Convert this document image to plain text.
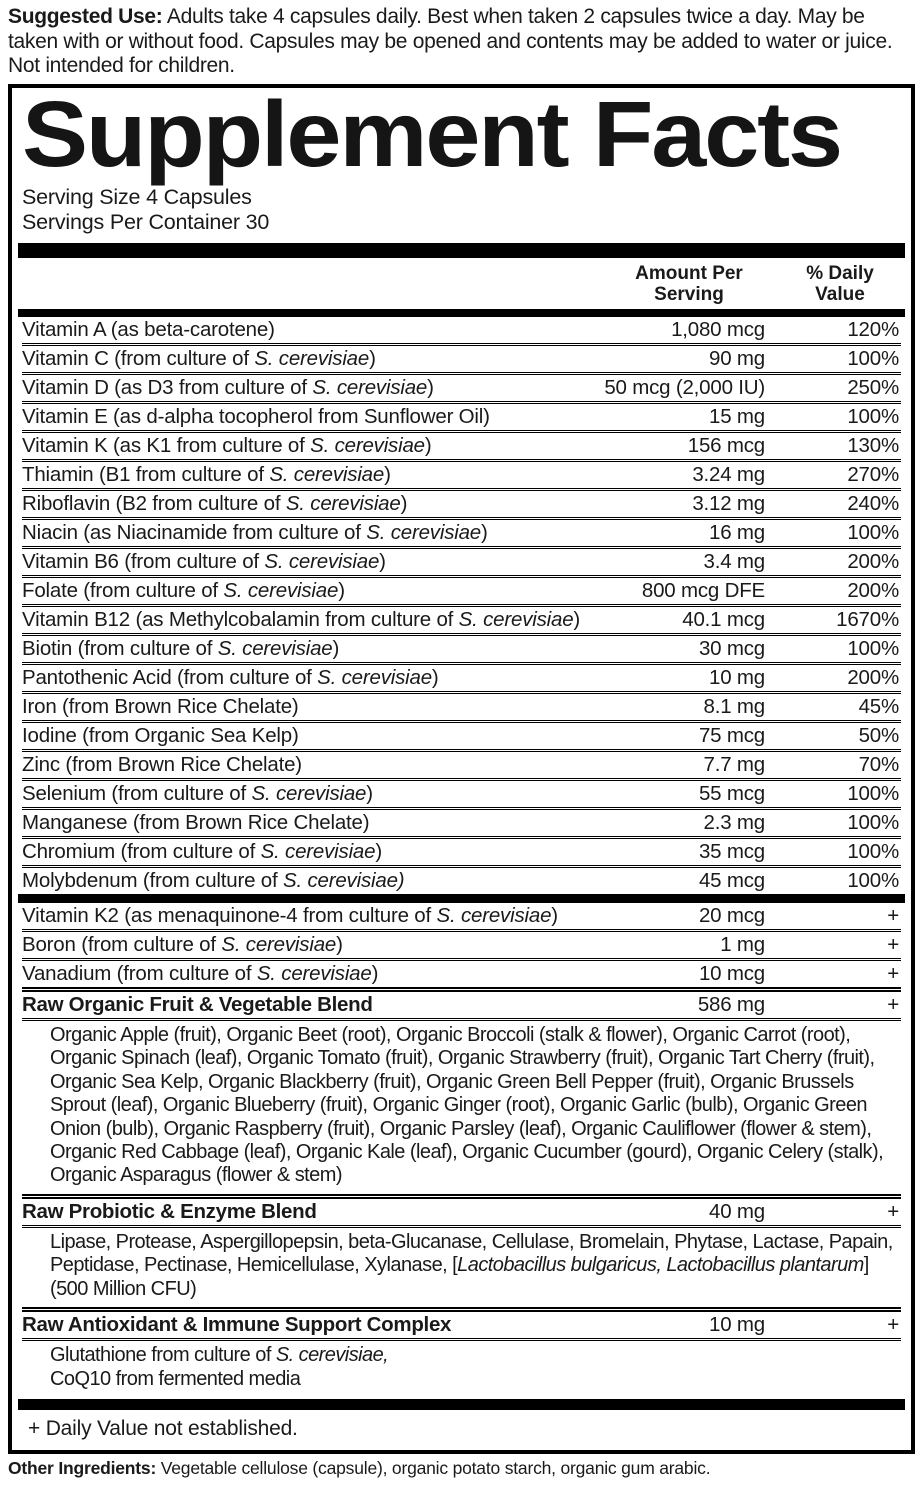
Suggested Use: Adults take 4 capsules daily. Best when taken 2 capsules twice a day. May be taken with or without food. Capsules may be opened and contents may be added to water or juice. Not intended for children.
Supplement Facts
Serving Size 4 Capsules
Servings Per Container 30
Amount Per Serving
% Daily Value
Vitamin A (as beta-carotene)	1,080 mcg	120%
Vitamin C (from culture of S. cerevisiae)	90 mg	100%
Vitamin D (as D3 from culture of S. cerevisiae)	50 mcg (2,000 IU)	250%
Vitamin E (as d-alpha tocopherol from Sunflower Oil)	15 mg	100%
Vitamin K (as K1 from culture of S. cerevisiae)	156 mcg	130%
Thiamin (B1 from culture of S. cerevisiae)	3.24 mg	270%
Riboflavin (B2 from culture of S. cerevisiae)	3.12 mg	240%
Niacin (as Niacinamide from culture of S. cerevisiae)	16 mg	100%
Vitamin B6 (from culture of S. cerevisiae)	3.4 mg	200%
Folate (from culture of S. cerevisiae)	800 mcg DFE	200%
Vitamin B12 (as Methylcobalamin from culture of S. cerevisiae)	40.1 mcg	1670%
Biotin (from culture of S. cerevisiae)	30 mcg	100%
Pantothenic Acid (from culture of S. cerevisiae)	10 mg	200%
Iron (from Brown Rice Chelate)	8.1 mg	45%
Iodine (from Organic Sea Kelp)	75 mcg	50%
Zinc (from Brown Rice Chelate)	7.7 mg	70%
Selenium (from culture of S. cerevisiae)	55 mcg	100%
Manganese (from Brown Rice Chelate)	2.3 mg	100%
Chromium (from culture of S. cerevisiae)	35 mcg	100%
Molybdenum (from culture of S. cerevisiae)	45 mcg	100%
Vitamin K2 (as menaquinone-4 from culture of S. cerevisiae)	20 mcg	+
Boron (from culture of S. cerevisiae)	1 mg	+
Vanadium (from culture of S. cerevisiae)	10 mcg	+
Raw Organic Fruit & Vegetable Blend	586 mg	+
Organic Apple (fruit), Organic Beet (root), Organic Broccoli (stalk & flower), Organic Carrot (root), Organic Spinach (leaf), Organic Tomato (fruit), Organic Strawberry (fruit), Organic Tart Cherry (fruit), Organic Sea Kelp, Organic Blackberry (fruit), Organic Green Bell Pepper (fruit), Organic Brussels Sprout (leaf), Organic Blueberry (fruit), Organic Ginger (root), Organic Garlic (bulb), Organic Green Onion (bulb), Organic Raspberry (fruit), Organic Parsley (leaf), Organic Cauliflower (flower & stem), Organic Red Cabbage (leaf), Organic Kale (leaf), Organic Cucumber (gourd), Organic Celery (stalk), Organic Asparagus (flower & stem)
Raw Probiotic & Enzyme Blend	40 mg	+
Lipase, Protease, Aspergillopepsin, beta-Glucanase, Cellulase, Bromelain, Phytase, Lactase, Papain, Peptidase, Pectinase, Hemicellulase, Xylanase, [Lactobacillus bulgaricus, Lactobacillus plantarum] (500 Million CFU)
Raw Antioxidant & Immune Support Complex	10 mg	+
Glutathione from culture of S. cerevisiae,
CoQ10 from fermented media
+ Daily Value not established.
Other Ingredients: Vegetable cellulose (capsule), organic potato starch, organic gum arabic.
